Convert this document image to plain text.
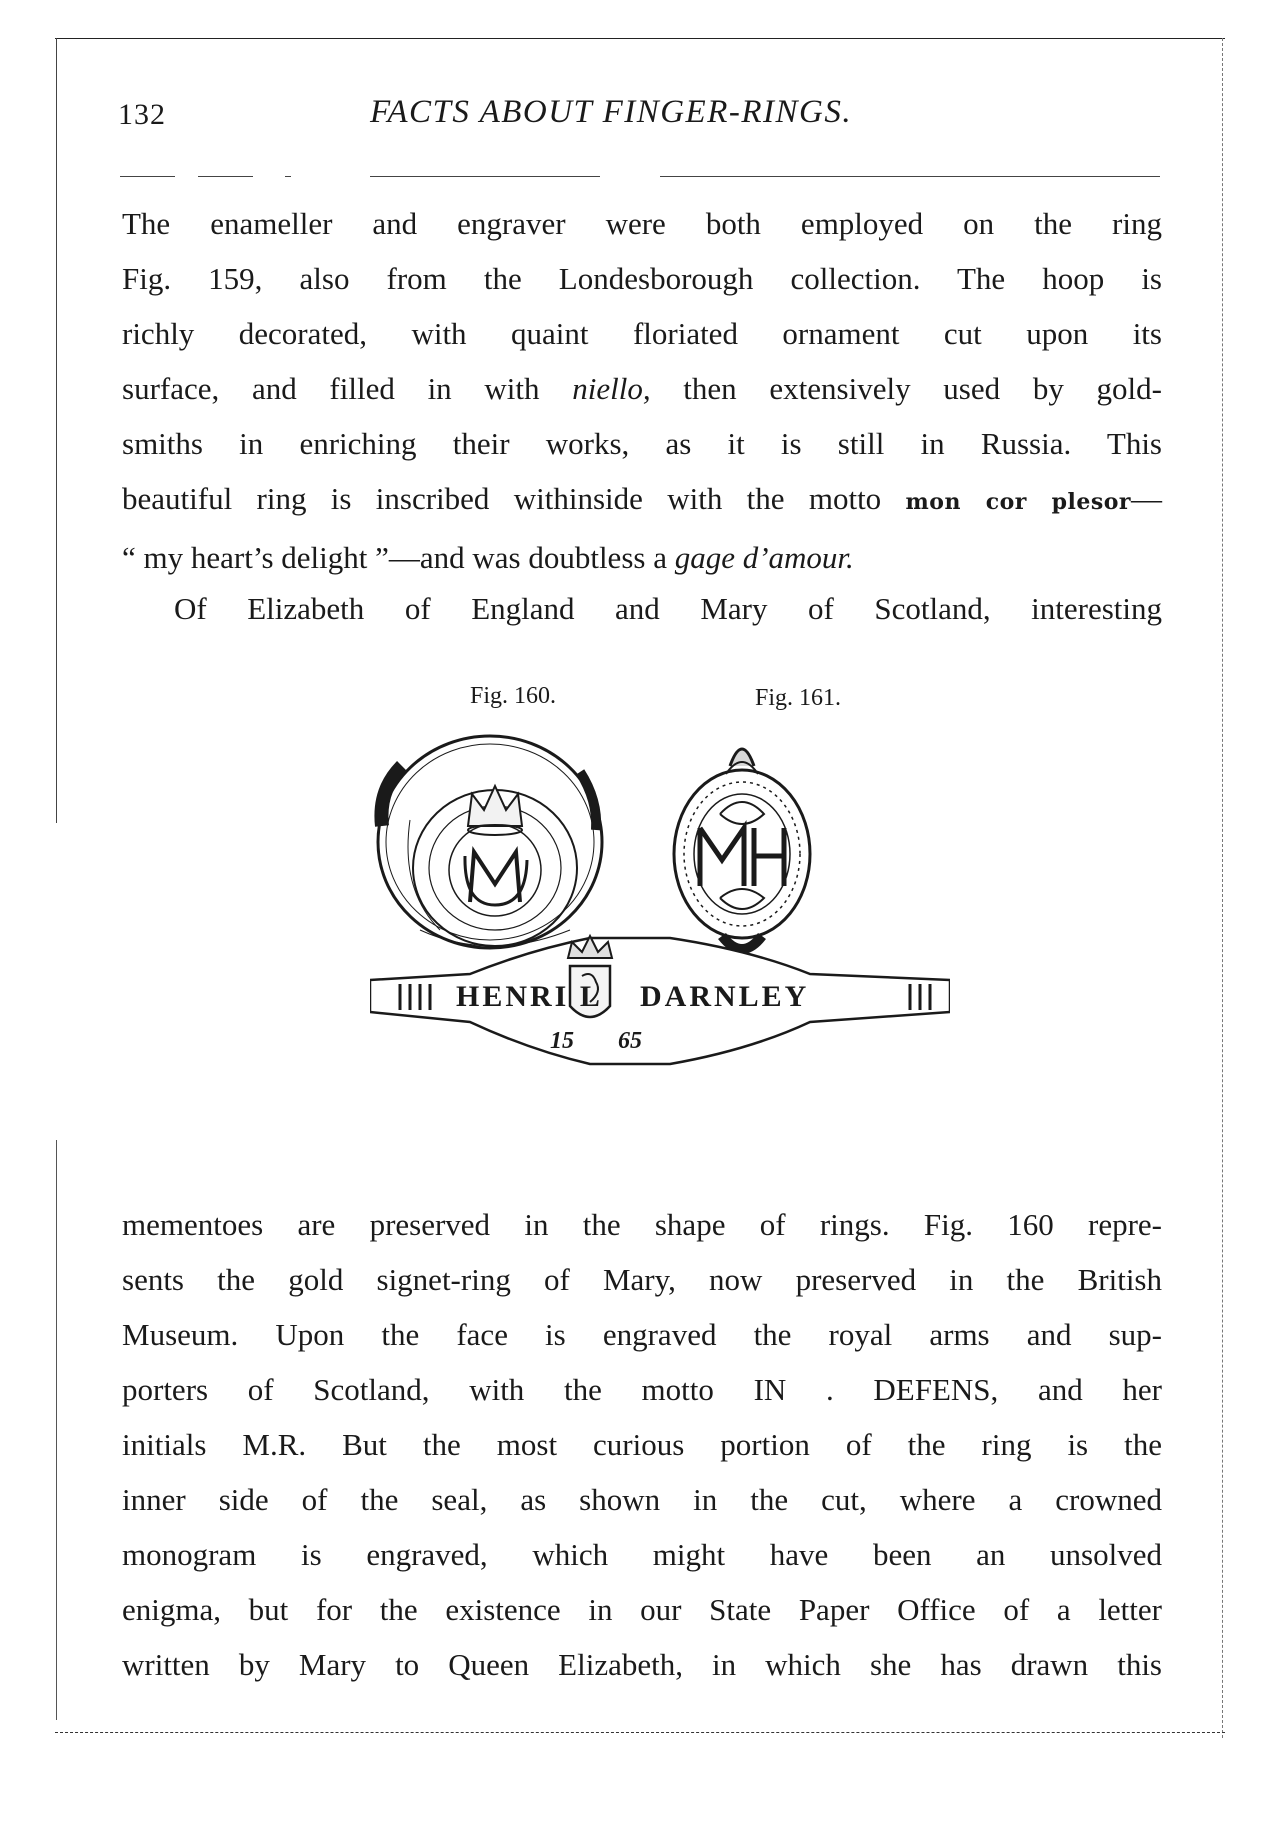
132	FACTS ABOUT FINGER-RINGS.
The enameller and engraver were both employed on the ring
Fig. 159, also from the Londesborough collection. The hoop is
richly decorated, with quaint floriated ornament cut upon its
surface, and filled in with niello, then extensively used by gold-
smiths in enriching their works, as it is still in Russia. This
beautiful ring is inscribed withinside with the motto mon cor plesor—
“ my heart’s delight ”—and was doubtless a gage d’amour.
Of Elizabeth of England and Mary of Scotland, interesting
Fig. 160.	Fig. 161.
HENRI L DARNLEY
15 65
mementoes are preserved in the shape of rings. Fig. 160 repre-
sents the gold signet-ring of Mary, now preserved in the British
Museum. Upon the face is engraved the royal arms and sup-
porters of Scotland, with the motto IN . DEFENS, and her
initials M.R. But the most curious portion of the ring is the
inner side of the seal, as shown in the cut, where a crowned
monogram is engraved, which might have been an unsolved
enigma, but for the existence in our State Paper Office of a letter
written by Mary to Queen Elizabeth, in which she has drawn this
